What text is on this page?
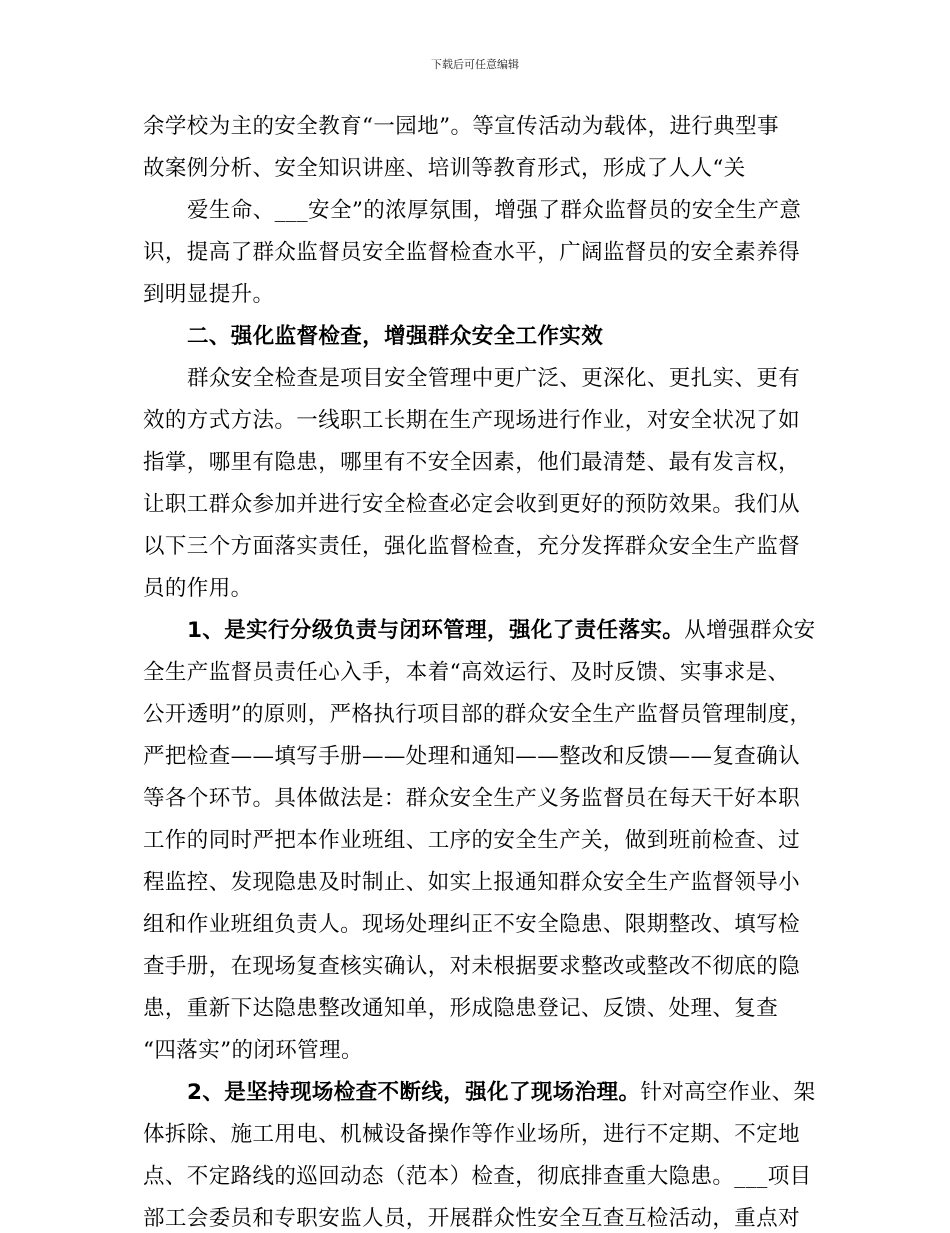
下载后可任意编辑
余学校为主的安全教育“一园地”。等宣传活动为载体，进行典型事
故案例分析、安全知识讲座、培训等教育形式，形成了人人“关
爱生命、___安全”的浓厚氛围，增强了群众监督员的安全生产意
识，提高了群众监督员安全监督检查水平，广阔监督员的安全素养得
到明显提升。
二、强化监督检查，增强群众安全工作实效
群众安全检查是项目安全管理中更广泛、更深化、更扎实、更有
效的方式方法。一线职工长期在生产现场进行作业，对安全状况了如
指掌，哪里有隐患，哪里有不安全因素，他们最清楚、最有发言权，
让职工群众参加并进行安全检查必定会收到更好的预防效果。我们从
以下三个方面落实责任，强化监督检查，充分发挥群众安全生产监督
员的作用。
1、是实行分级负责与闭环管理，强化了责任落实。从增强群众安
全生产监督员责任心入手，本着“高效运行、及时反馈、实事求是、
公开透明”的原则，严格执行项目部的群众安全生产监督员管理制度，
严把检查——填写手册——处理和通知——整改和反馈——复查确认
等各个环节。具体做法是：群众安全生产义务监督员在每天干好本职
工作的同时严把本作业班组、工序的安全生产关，做到班前检查、过
程监控、发现隐患及时制止、如实上报通知群众安全生产监督领导小
组和作业班组负责人。现场处理纠正不安全隐患、限期整改、填写检
查手册，在现场复查核实确认，对未根据要求整改或整改不彻底的隐
患，重新下达隐患整改通知单，形成隐患登记、反馈、处理、复查
“四落实”的闭环管理。
2、是坚持现场检查不断线，强化了现场治理。针对高空作业、架
体拆除、施工用电、机械设备操作等作业场所，进行不定期、不定地
点、不定路线的巡回动态（范本）检查，彻底排查重大隐患。___项目
部工会委员和专职安监人员，开展群众性安全互查互检活动，重点对
